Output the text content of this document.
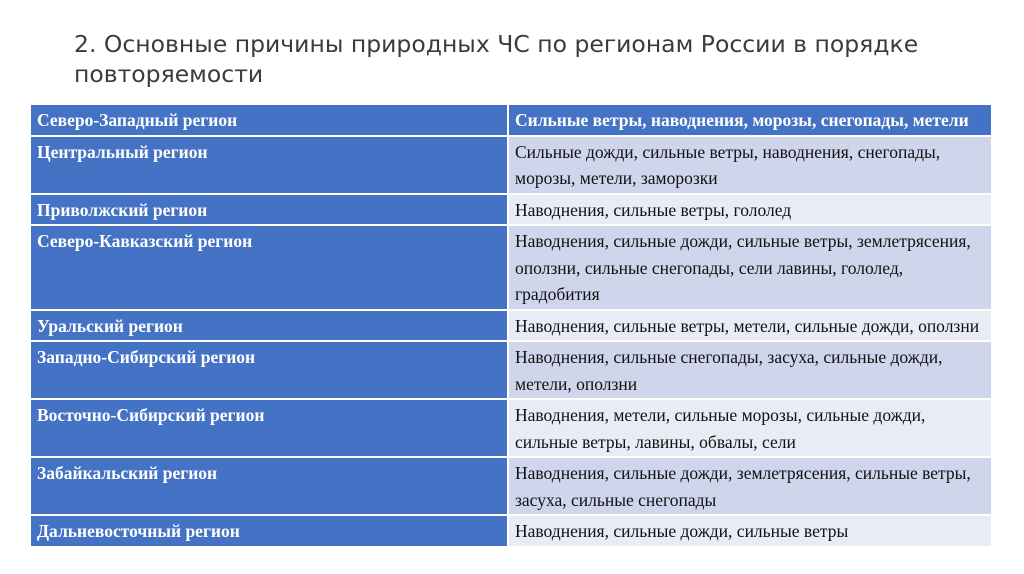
2. Основные причины природных ЧС по регионам России в порядке
повторяемости
Северо-Западный регион	Сильные ветры, наводнения, морозы, снегопады, метели
Центральный регион	Сильные дожди, сильные ветры, наводнения, снегопады, морозы, метели, заморозки
Приволжский регион	Наводнения, сильные ветры, гололед
Северо-Кавказский регион	Наводнения, сильные дожди, сильные ветры, землетрясения, оползни, сильные снегопады, сели лавины, гололед, градобития
Уральский регион	Наводнения, сильные ветры, метели, сильные дожди, оползни
Западно-Сибирский регион	Наводнения, сильные снегопады, засуха, сильные дожди, метели, оползни
Восточно-Сибирский регион	Наводнения, метели, сильные морозы, сильные дожди, сильные ветры, лавины, обвалы, сели
Забайкальский регион	Наводнения, сильные дожди, землетрясения, сильные ветры, засуха, сильные снегопады
Дальневосточный регион	Наводнения, сильные дожди, сильные ветры
